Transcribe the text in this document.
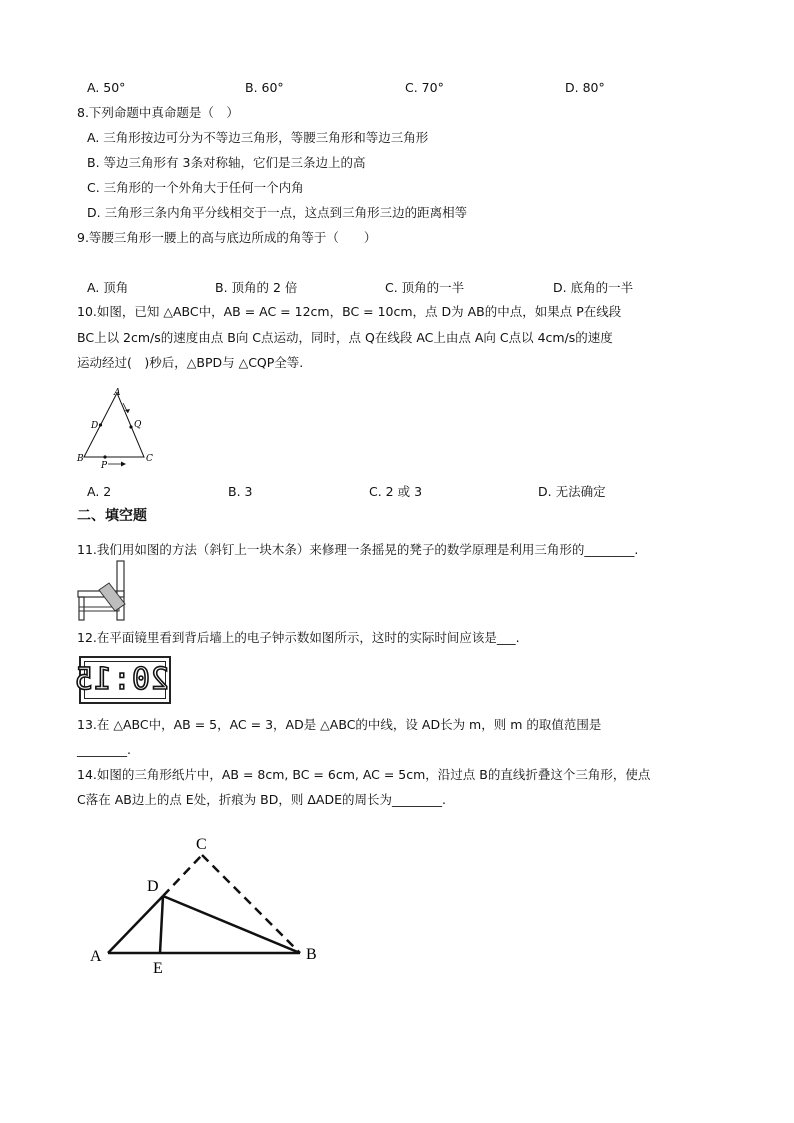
A. 50°	B. 60°	C. 70°	D. 80°
8.下列命题中真命题是（　）
A. 三角形按边可分为不等边三角形，等腰三角形和等边三角形
B. 等边三角形有 3条对称轴，它们是三条边上的高
C. 三角形的一个外角大于任何一个内角
D. 三角形三条内角平分线相交于一点，这点到三角形三边的距离相等
9.等腰三角形一腰上的高与底边所成的角等于（　　）
A. 顶角	B. 顶角的 2 倍	C. 顶角的一半	D. 底角的一半
10.如图，已知 △ABC中，AB = AC = 12cm，BC = 10cm，点 D为 AB的中点，如果点 P在线段
BC上以 2cm/s的速度由点 B向 C点运动，同时，点 Q在线段 AC上由点 A向 C点以 4cm/s的速度
运动经过(　)秒后，△BPD与 △CQP全等.
A
D	Q
B	C
P
A. 2	B. 3	C. 2 或 3	D. 无法确定
二、填空题
11.我们用如图的方法（斜钉上一块木条）来修理一条摇晃的凳子的数学原理是利用三角形的________.
12.在平面镜里看到背后墙上的电子钟示数如图所示，这时的实际时间应该是___.
20:15
13.在 △ABC中，AB = 5，AC = 3，AD是 △ABC的中线，设 AD长为 m，则 m 的取值范围是
________.
14.如图的三角形纸片中，AB = 8cm, BC = 6cm, AC = 5cm，沿过点 B的直线折叠这个三角形，使点
C落在 AB边上的点 E处，折痕为 BD，则 ΔADE的周长为________.
C
D
A	B
E
